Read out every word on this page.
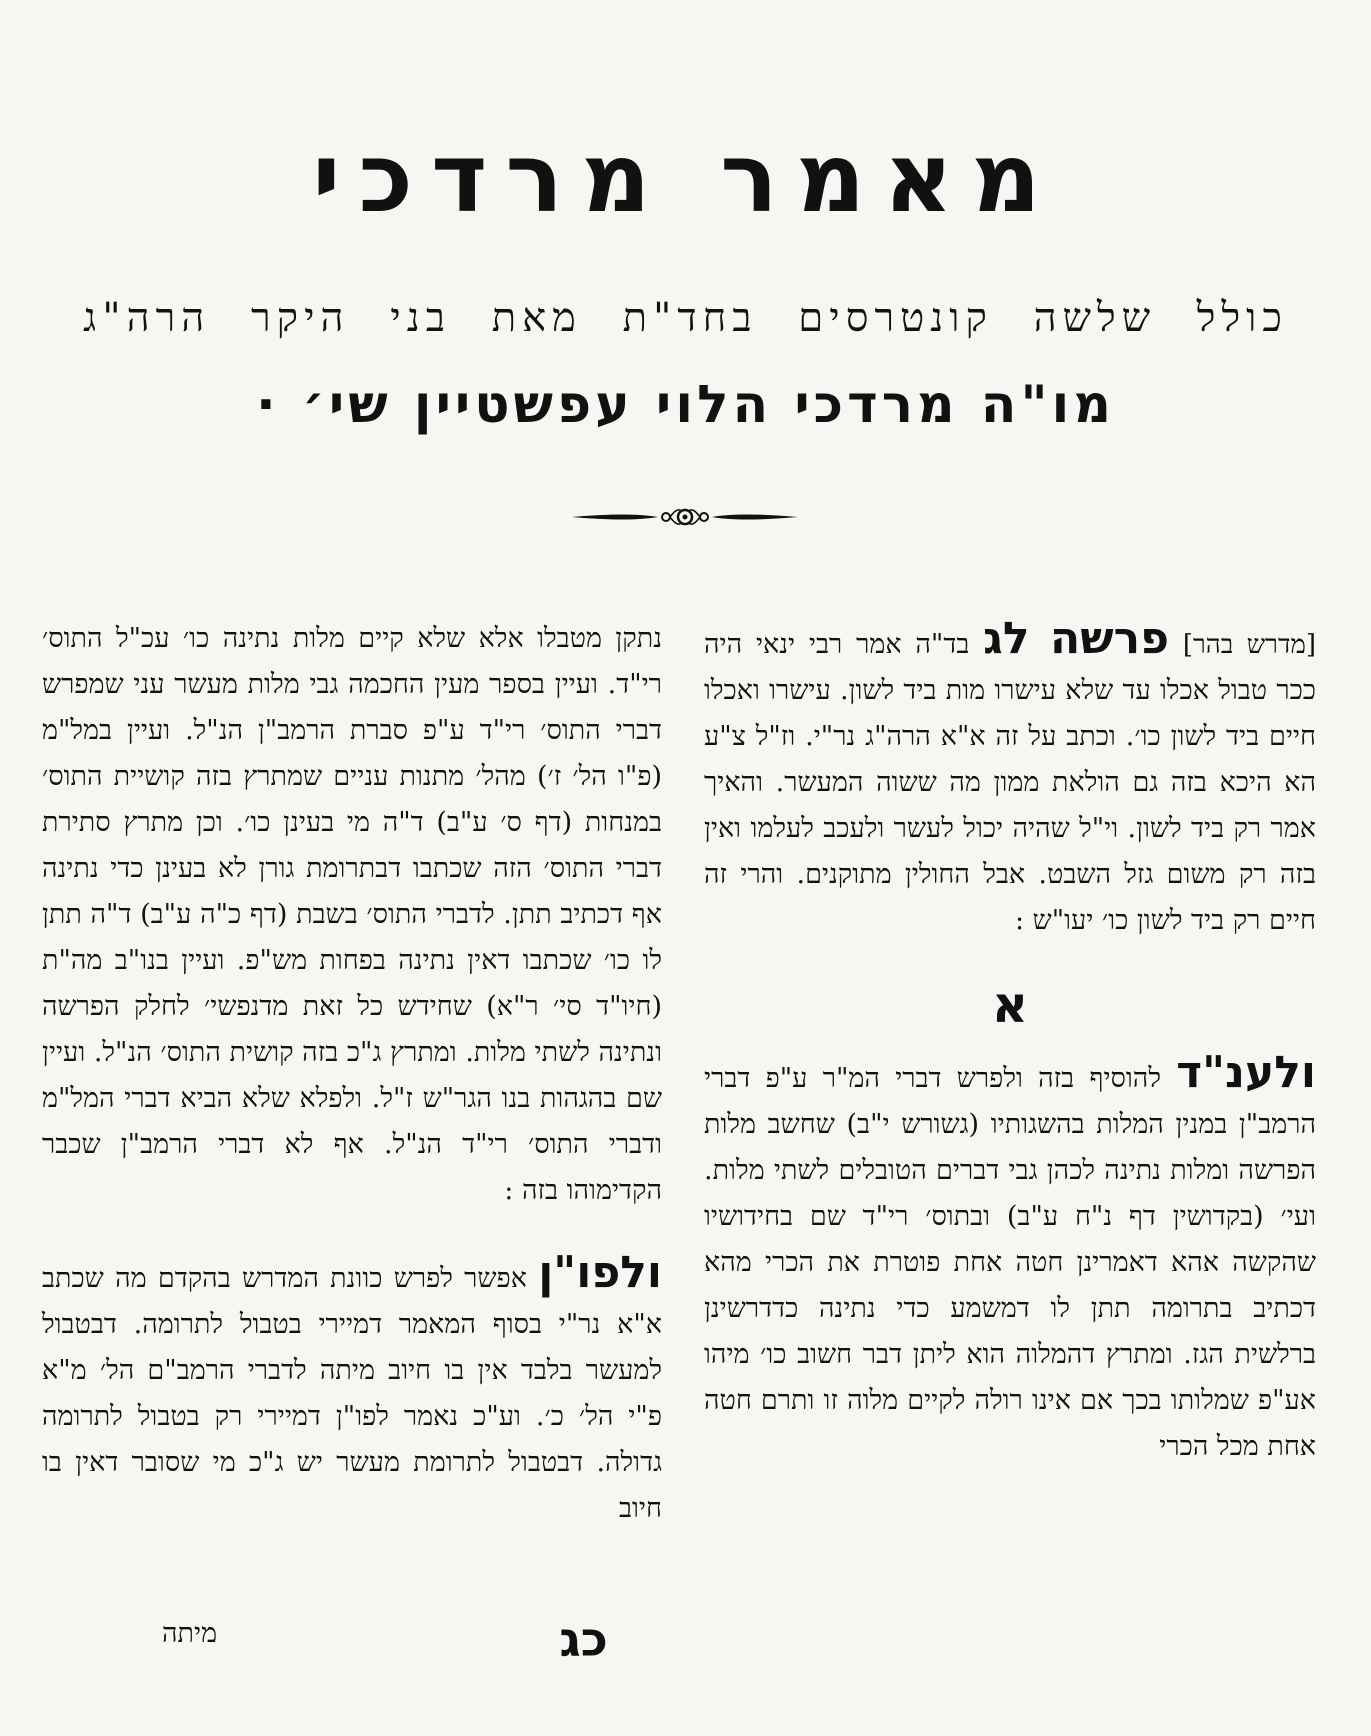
מאמר מרדכי
כולל שלשה קונטרסים בחד"ת מאת בני היקר הרה"ג
מו"ה מרדכי הלוי עפשטיין שי׳ ·

[מדרש בהר] פרשה לג בד"ה אמר רבי ינאי היה ככר טבול אכלו עד שלא עישרו מות ביד לשון. עישרו ואכלו חיים ביד לשון כו׳. וכתב על זה א"א הרה"ג נר"י. וז"ל צ"ע הא היכא בזה גם הולאת ממון מה ששוה המעשר. והאיך אמר רק ביד לשון. וי"ל שהיה יכול לעשר ולעכב לעלמו ואין בזה רק משום גזל השבט. אבל החולין מתוקנים. והרי זה חיים רק ביד לשון כו׳ יעו"ש :

א

ולענ"ד להוסיף בזה ולפרש דברי המ"ר ע"פ דברי הרמב"ן במנין המלות בהשגותיו (גשורש י"ב) שחשב מלות הפרשה ומלות נתינה לכהן גבי דברים הטובלים לשתי מלות. ועי׳ (בקדושין דף נ"ח ע"ב) ובתוס׳ רי"ד שם בחידושיו שהקשה אהא דאמרינן חטה אחת פוטרת את הכרי מהא דכתיב בתרומה תתן לו דמשמע כדי נתינה כדדרשינן ברלשית הגז. ומתרץ דהמלוה הוא ליתן דבר חשוב כו׳ מיהו אע"פ שמלותו בכך אם אינו רולה לקיים מלוה זו ותרם חטה אחת מכל הכרי

נתקן מטבלו אלא שלא קיים מלות נתינה כו׳ עכ"ל התוס׳ רי"ד. ועיין בספר מעין החכמה גבי מלות מעשר עני שמפרש דברי התוס׳ רי"ד ע"פ סברת הרמב"ן הנ"ל. ועיין במל"מ (פ"ו הל׳ ז׳) מהל׳ מתנות עניים שמתרץ בזה קושיית התוס׳ במנחות (דף ס׳ ע"ב) ד"ה מי בעינן כו׳. וכן מתרץ סתירת דברי התוס׳ הזה שכתבו דבתרומת גורן לא בעינן כדי נתינה אף דכתיב תתן. לדברי התוס׳ בשבת (דף כ"ה ע"ב) ד"ה תתן לו כו׳ שכתבו דאין נתינה בפחות מש"פ. ועיין בנו"ב מה"ת (חיו"ד סי׳ ר"א) שחידש כל זאת מדנפשי׳ לחלק הפרשה ונתינה לשתי מלות. ומתרץ ג"כ בזה קושית התוס׳ הנ"ל. ועיין שם בהגהות בנו הגר"ש ז"ל. ולפלא שלא הביא דברי המל"מ ודברי התוס׳ רי"ד הנ"ל. אף לא דברי הרמב"ן שכבר הקדימוהו בזה :

ולפו"ן אפשר לפרש כוונת המדרש בהקדם מה שכתב א"א נר"י בסוף המאמר דמיירי בטבול לתרומה. דבטבול למעשר בלבד אין בו חיוב מיתה לדברי הרמב"ם הל׳ מ"א פ"י הל׳ כ׳. וע"כ נאמר לפו"ן דמיירי רק בטבול לתרומה גדולה. דבטבול לתרומת מעשר יש ג"כ מי שסובר דאין בו חיוב

כג
מיתה
